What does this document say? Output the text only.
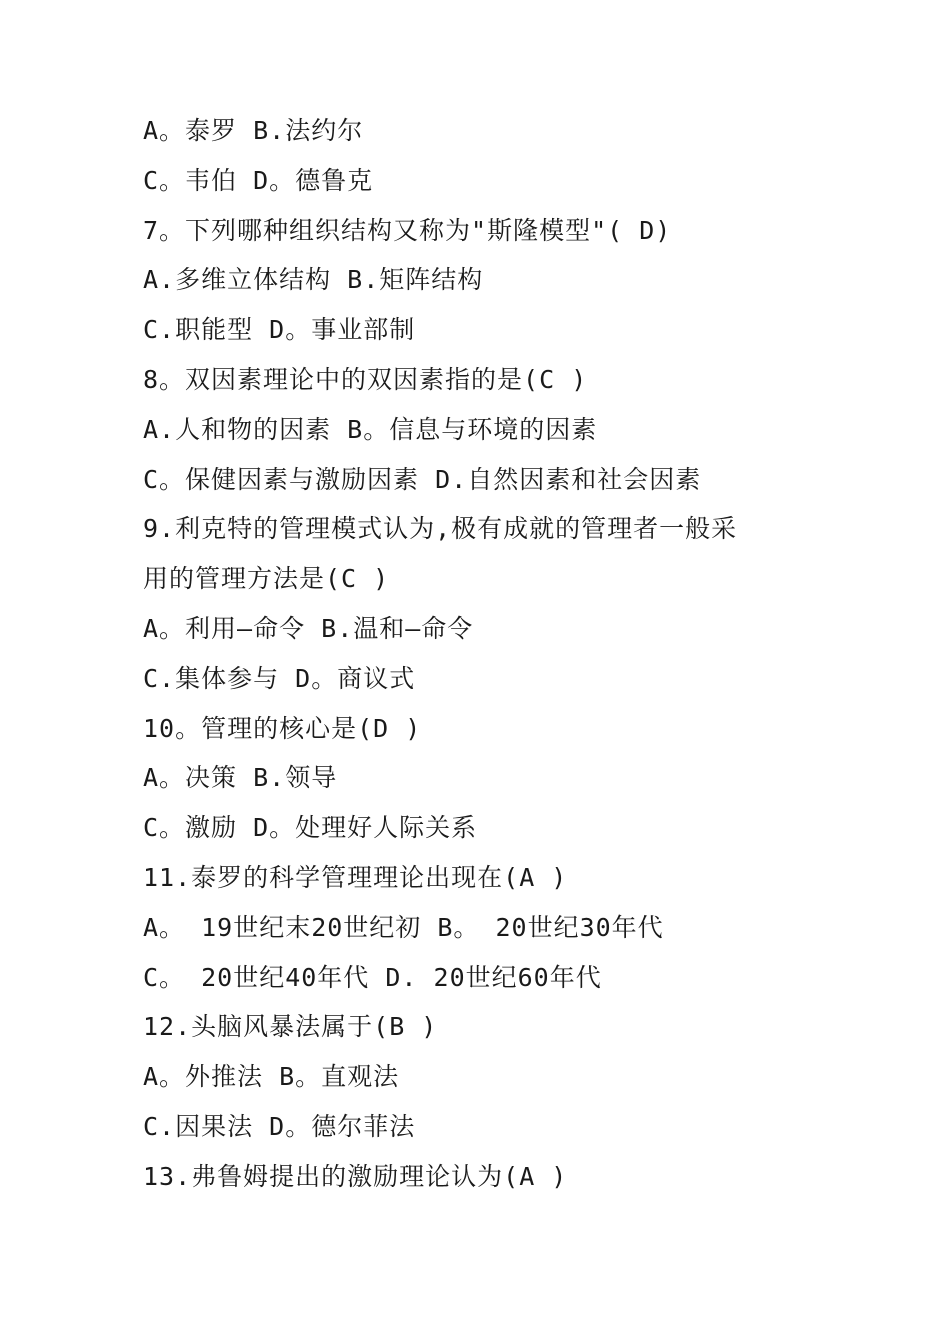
A。泰罗 B.法约尔
C。韦伯 D。德鲁克
7。下列哪种组织结构又称为"斯隆模型"( D)
A.多维立体结构 B.矩阵结构
C.职能型 D。事业部制
8。双因素理论中的双因素指的是(C )
A.人和物的因素 B。信息与环境的因素
C。保健因素与激励因素 D.自然因素和社会因素
9.利克特的管理模式认为,极有成就的管理者一般采
用的管理方法是(C )
A。利用—命令 B.温和—命令
C.集体参与 D。商议式
10。管理的核心是(D )
A。决策 B.领导
C。激励 D。处理好人际关系
11.泰罗的科学管理理论出现在(A )
A。 19世纪末20世纪初 B。 20世纪30年代
C。 20世纪40年代 D. 20世纪60年代
12.头脑风暴法属于(B )
A。外推法 B。直观法
C.因果法 D。德尔菲法
13.弗鲁姆提出的激励理论认为(A )
